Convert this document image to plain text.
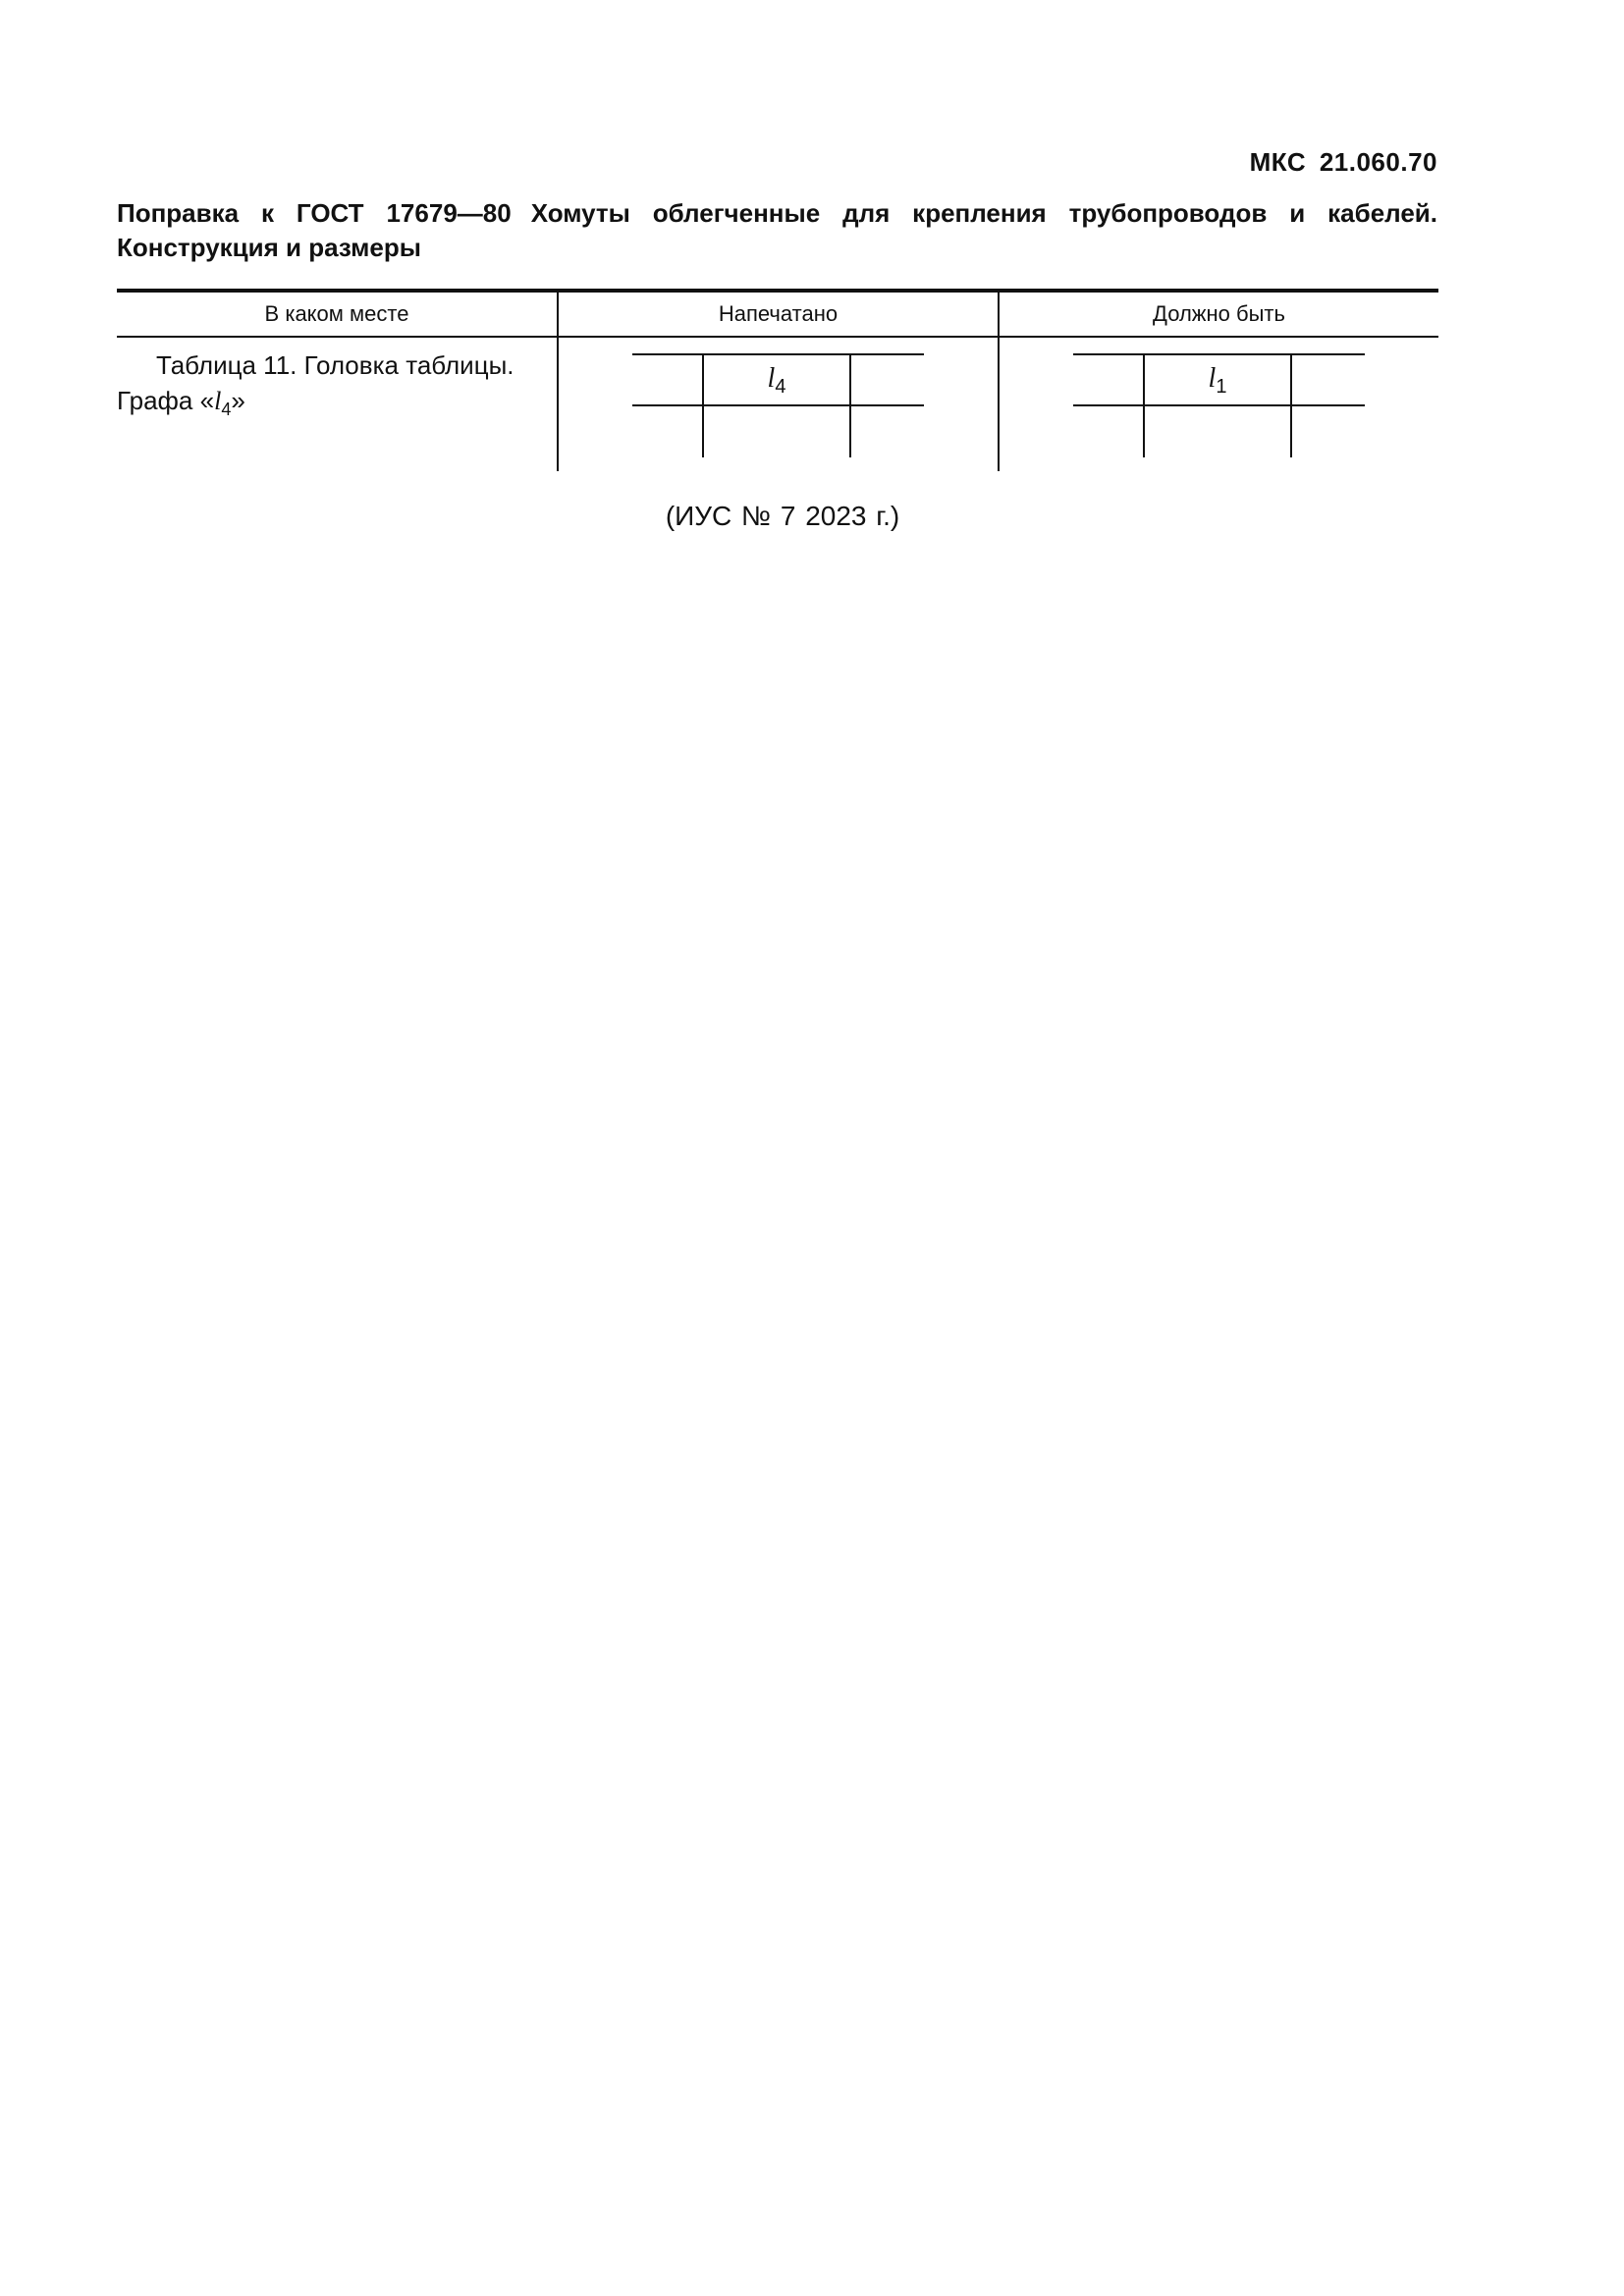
МКС 21.060.70
Поправка к ГОСТ 17679—80 Хомуты облегченные для крепления трубопроводов и кабелей.
Конструкция и размеры
В каком месте	Напечатано	Должно быть

Таблица 11. Головка таблицы.
Графа «$l_4$»	$l_4$	$l_1$
(ИУС № 7 2023 г.)
